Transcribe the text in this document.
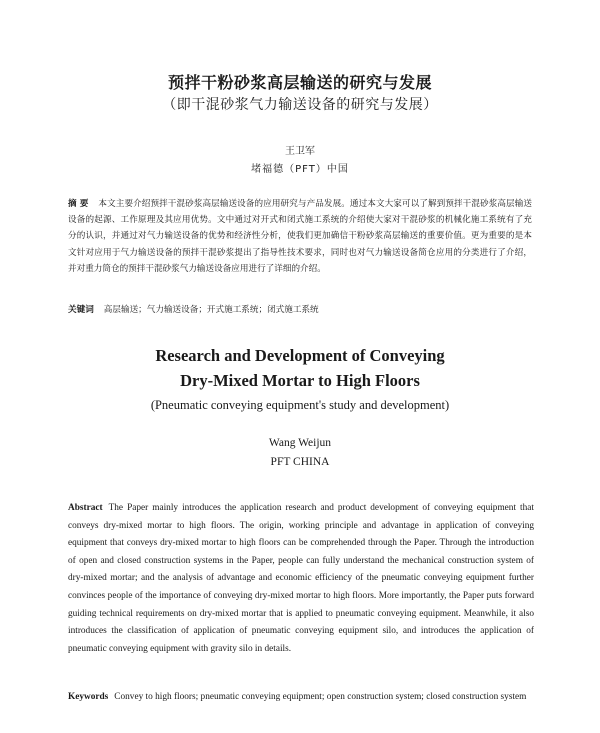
预拌干粉砂浆高层输送的研究与发展
（即干混砂浆气力输送设备的研究与发展）
王卫军
堵福德（PFT）中国
摘 要 本文主要介绍预拌干混砂浆高层输送设备的应用研究与产品发展。通过本文大家可以了解到预拌干混砂浆高层输送设备的起源、工作原理及其应用优势。文中通过对开式和闭式施工系统的介绍使大家对干混砂浆的机械化施工系统有了充分的认识，并通过对气力输送设备的优势和经济性分析，使我们更加确信干粉砂浆高层输送的重要价值。更为重要的是本文针对应用于气力输送设备的预拌干混砂浆提出了指导性技术要求，同时也对气力输送设备简仓应用的分类进行了介绍，并对重力筒仓的预拌干混砂浆气力输送设备应用进行了详细的介绍。
关键词 高层输送；气力输送设备；开式施工系统；闭式施工系统
Research and Development of Conveying
Dry-Mixed Mortar to High Floors
(Pneumatic conveying equipment's study and development)
Wang Weijun
PFT CHINA
Abstract The Paper mainly introduces the application research and product development of conveying equipment that conveys dry-mixed mortar to high floors. The origin, working principle and advantage in application of conveying equipment that conveys dry-mixed mortar to high floors can be comprehended through the Paper. Through the introduction of open and closed construction systems in the Paper, people can fully understand the mechanical construction system of dry-mixed mortar; and the analysis of advantage and economic efficiency of the pneumatic conveying equipment further convinces people of the importance of conveying dry-mixed mortar to high floors. More importantly, the Paper puts forward guiding technical requirements on dry-mixed mortar that is applied to pneumatic conveying equipment. Meanwhile, it also introduces the classification of application of pneumatic conveying equipment silo, and introduces the application of pneumatic conveying equipment with gravity silo in details.
Keywords Convey to high floors; pneumatic conveying equipment; open construction system; closed construction system
